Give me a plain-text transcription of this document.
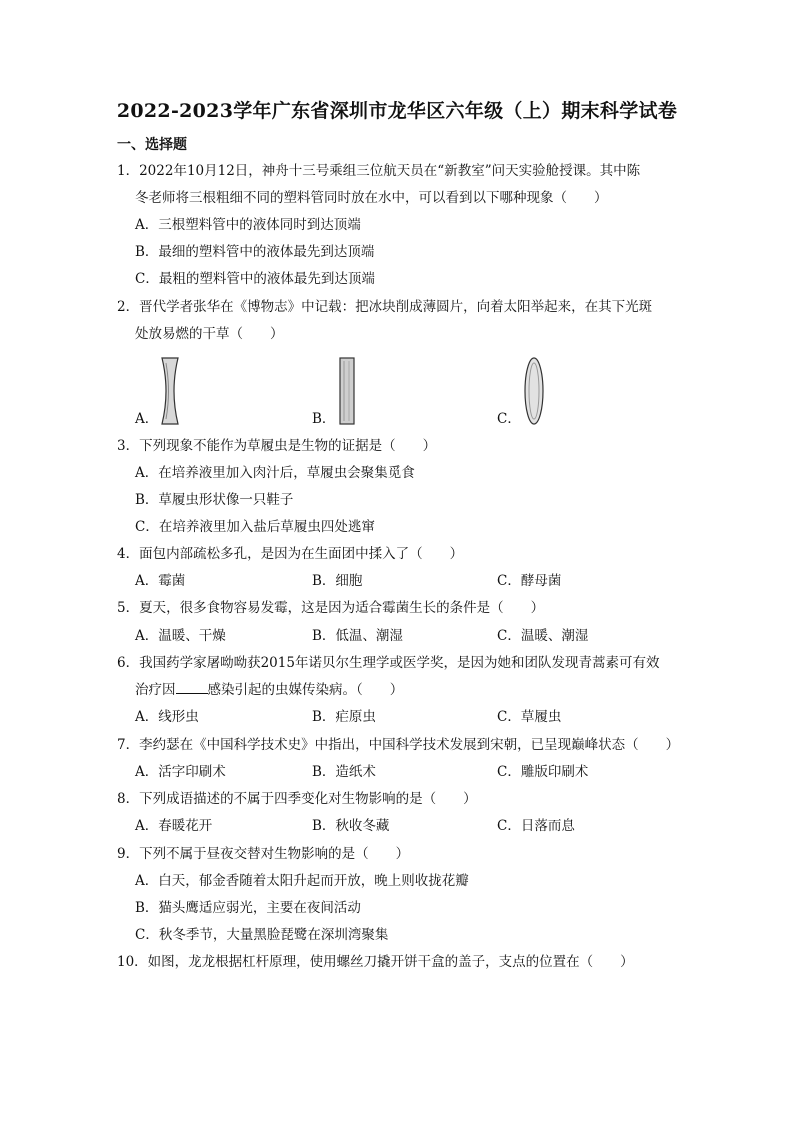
2022-2023学年广东省深圳市龙华区六年级（上）期末科学试卷
一、选择题
1．2022年10月12日，神舟十三号乘组三位航天员在“新教室”问天实验舱授课。其中陈
冬老师将三根粗细不同的塑料管同时放在水中，可以看到以下哪种现象（　　）
A．三根塑料管中的液体同时到达顶端
B．最细的塑料管中的液体最先到达顶端
C．最粗的塑料管中的液体最先到达顶端
2．晋代学者张华在《博物志》中记载：把冰块削成薄圆片，向着太阳举起来，在其下光斑
处放易燃的干草（　　）
A．	B．	C．
3．下列现象不能作为草履虫是生物的证据是（　　）
A．在培养液里加入肉汁后，草履虫会聚集觅食
B．草履虫形状像一只鞋子
C．在培养液里加入盐后草履虫四处逃窜
4．面包内部疏松多孔，是因为在生面团中揉入了（　　）
A．霉菌	B．细胞	C．酵母菌
5．夏天，很多食物容易发霉，这是因为适合霉菌生长的条件是（　　）
A．温暖、干燥	B．低温、潮湿	C．温暖、潮湿
6．我国药学家屠呦呦获2015年诺贝尔生理学或医学奖，是因为她和团队发现青蒿素可有效
治疗因 感染引起的虫媒传染病。（　　）
A．线形虫	B．疟原虫	C．草履虫
7．李约瑟在《中国科学技术史》中指出，中国科学技术发展到宋朝，已呈现巅峰状态（　　）
A．活字印刷术	B．造纸术	C．雕版印刷术
8．下列成语描述的不属于四季变化对生物影响的是（　　）
A．春暖花开	B．秋收冬藏	C．日落而息
9．下列不属于昼夜交替对生物影响的是（　　）
A．白天，郁金香随着太阳升起而开放，晚上则收拢花瓣
B．猫头鹰适应弱光，主要在夜间活动
C．秋冬季节，大量黑脸琵鹭在深圳湾聚集
10．如图，龙龙根据杠杆原理，使用螺丝刀撬开饼干盒的盖子，支点的位置在（　　）
